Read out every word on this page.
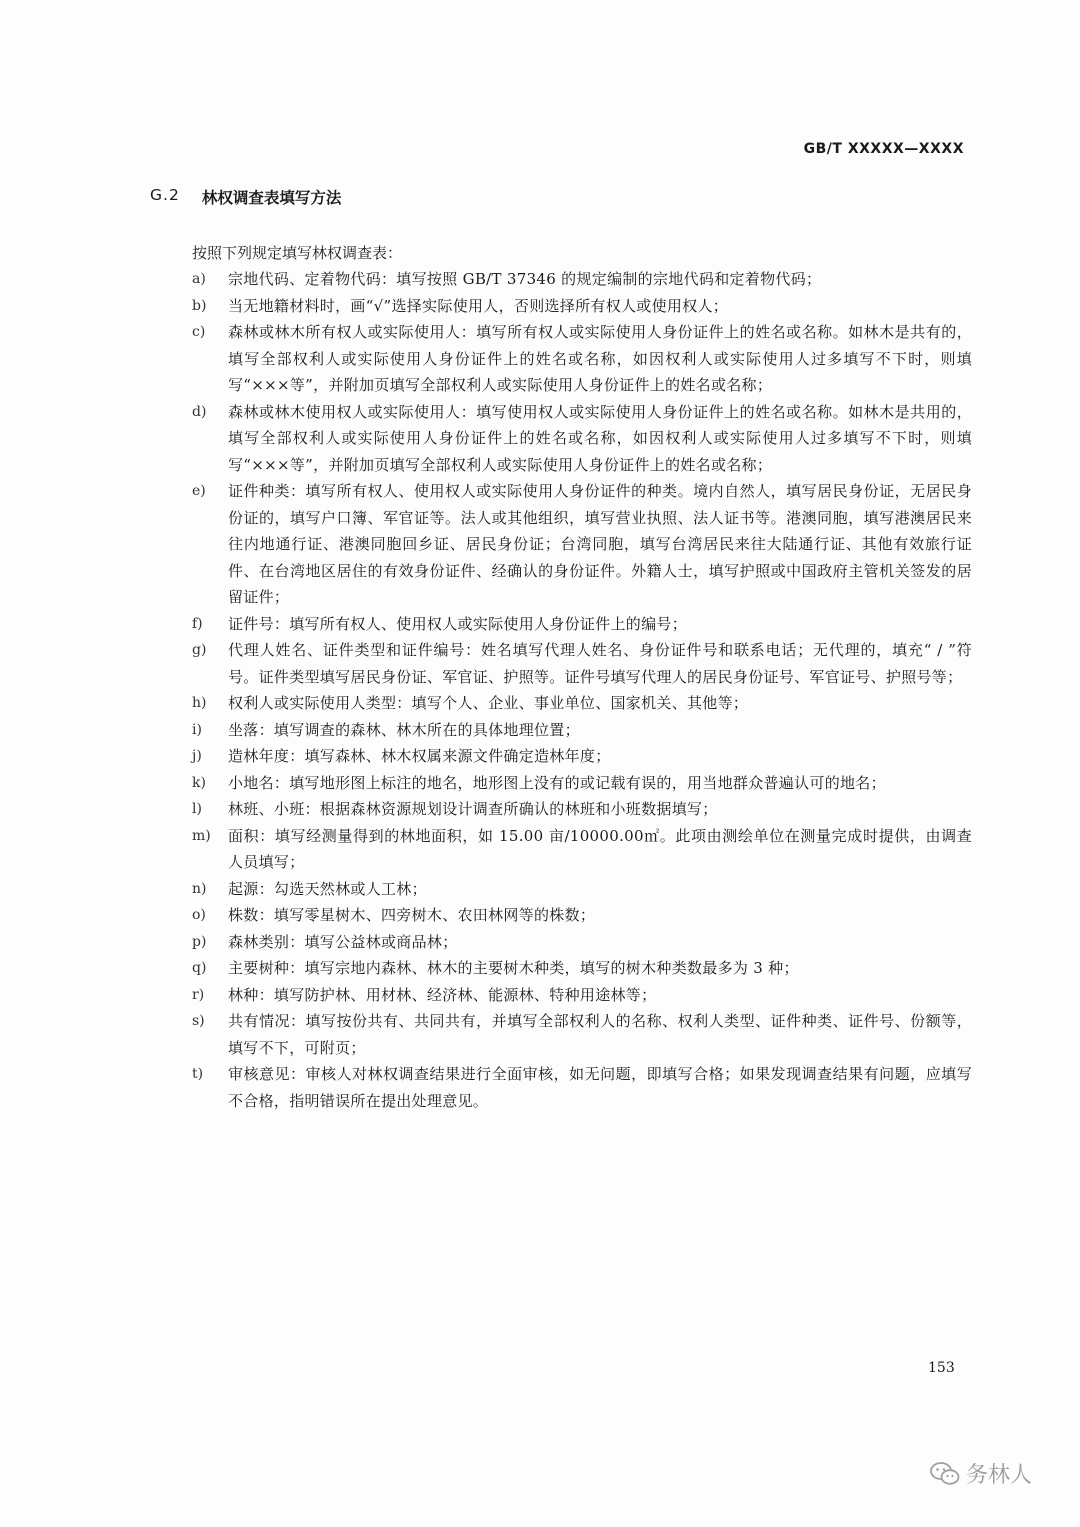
GB/T XXXXX—XXXX
G.2 林权调查表填写方法
按照下列规定填写林权调查表：
a)	宗地代码、定着物代码：填写按照 GB/T 37346 的规定编制的宗地代码和定着物代码；
b)	当无地籍材料时，画“√”选择实际使用人，否则选择所有权人或使用权人；
c)	森林或林木所有权人或实际使用人：填写所有权人或实际使用人身份证件上的姓名或名称。如林木是共有的，填写全部权利人或实际使用人身份证件上的姓名或名称，如因权利人或实际使用人过多填写不下时，则填写“×××等”，并附加页填写全部权利人或实际使用人身份证件上的姓名或名称；
d)	森林或林木使用权人或实际使用人：填写使用权人或实际使用人身份证件上的姓名或名称。如林木是共用的，填写全部权利人或实际使用人身份证件上的姓名或名称，如因权利人或实际使用人过多填写不下时，则填写“×××等”，并附加页填写全部权利人或实际使用人身份证件上的姓名或名称；
e)	证件种类：填写所有权人、使用权人或实际使用人身份证件的种类。境内自然人，填写居民身份证，无居民身份证的，填写户口簿、军官证等。法人或其他组织，填写营业执照、法人证书等。港澳同胞，填写港澳居民来往内地通行证、港澳同胞回乡证、居民身份证；台湾同胞，填写台湾居民来往大陆通行证、其他有效旅行证件、在台湾地区居住的有效身份证件、经确认的身份证件。外籍人士，填写护照或中国政府主管机关签发的居留证件；
f)	证件号：填写所有权人、使用权人或实际使用人身份证件上的编号；
g)	代理人姓名、证件类型和证件编号：姓名填写代理人姓名、身份证件号和联系电话；无代理的，填充“ / ”符号。证件类型填写居民身份证、军官证、护照等。证件号填写代理人的居民身份证号、军官证号、护照号等；
h)	权利人或实际使用人类型：填写个人、企业、事业单位、国家机关、其他等；
i)	坐落：填写调查的森林、林木所在的具体地理位置；
j)	造林年度：填写森林、林木权属来源文件确定造林年度；
k)	小地名：填写地形图上标注的地名，地形图上没有的或记载有误的，用当地群众普遍认可的地名；
l)	林班、小班：根据森林资源规划设计调查所确认的林班和小班数据填写；
m)	面积：填写经测量得到的林地面积，如 15.00 亩/10000.00㎡。此项由测绘单位在测量完成时提供，由调查人员填写；
n)	起源：勾选天然林或人工林；
o)	株数：填写零星树木、四旁树木、农田林网等的株数；
p)	森林类别：填写公益林或商品林；
q)	主要树种：填写宗地内森林、林木的主要树木种类，填写的树木种类数最多为 3 种；
r)	林种：填写防护林、用材林、经济林、能源林、特种用途林等；
s)	共有情况：填写按份共有、共同共有，并填写全部权利人的名称、权利人类型、证件种类、证件号、份额等，填写不下，可附页；
t)	审核意见：审核人对林权调查结果进行全面审核，如无问题，即填写合格；如果发现调查结果有问题，应填写不合格，指明错误所在提出处理意见。
153
务林人
